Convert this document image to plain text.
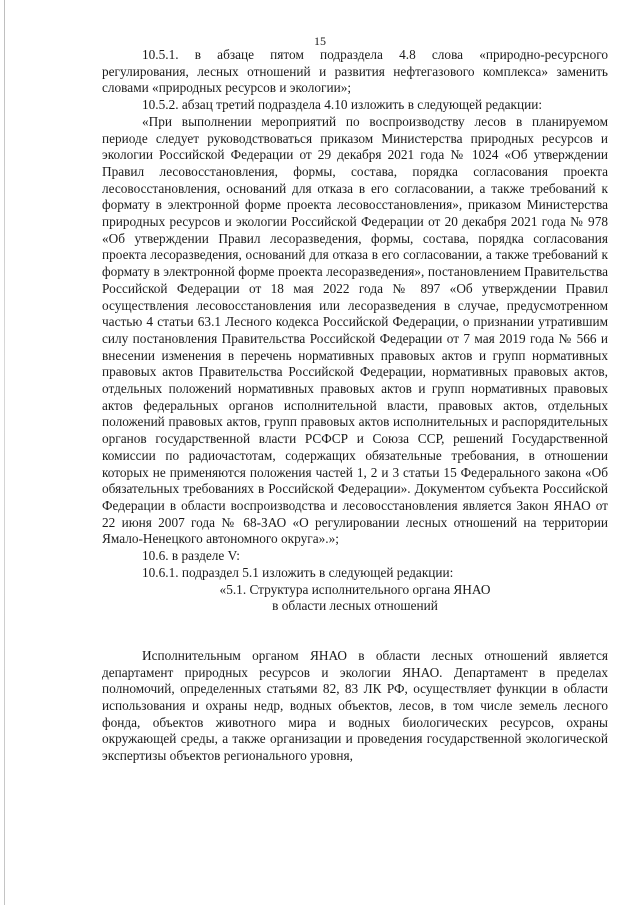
15

10.5.1. в абзаце пятом подраздела 4.8 слова «природно-ресурсного регулирования, лесных отношений и развития нефтегазового комплекса» заменить словами «природных ресурсов и экологии»;

10.5.2. абзац третий подраздела 4.10 изложить в следующей редакции:

«При выполнении мероприятий по воспроизводству лесов в планируемом периоде следует руководствоваться приказом Министерства природных ресурсов и экологии Российской Федерации от 29 декабря 2021 года № 1024 «Об утверждении Правил лесовосстановления, формы, состава, порядка согласования проекта лесовосстановления, оснований для отказа в его согласовании, а также требований к формату в электронной форме проекта лесовосстановления», приказом Министерства природных ресурсов и экологии Российской Федерации от 20 декабря 2021 года № 978 «Об утверждении Правил лесоразведения, формы, состава, порядка согласования проекта лесоразведения, оснований для отказа в его согласовании, а также требований к формату в электронной форме проекта лесоразведения», постановлением Правительства Российской Федерации от 18 мая 2022 года № 897 «Об утверждении Правил осуществления лесовосстановления или лесоразведения в случае, предусмотренном частью 4 статьи 63.1 Лесного кодекса Российской Федерации, о признании утратившим силу постановления Правительства Российской Федерации от 7 мая 2019 года № 566 и внесении изменения в перечень нормативных правовых актов и групп нормативных правовых актов Правительства Российской Федерации, нормативных правовых актов, отдельных положений нормативных правовых актов и групп нормативных правовых актов федеральных органов исполнительной власти, правовых актов, отдельных положений правовых актов, групп правовых актов исполнительных и распорядительных органов государственной власти РСФСР и Союза ССР, решений Государственной комиссии по радиочастотам, содержащих обязательные требования, в отношении которых не применяются положения частей 1, 2 и 3 статьи 15 Федерального закона «Об обязательных требованиях в Российской Федерации». Документом субъекта Российской Федерации в области воспроизводства и лесовосстановления является Закон ЯНАО от 22 июня 2007 года № 68-ЗАО «О регулировании лесных отношений на территории Ямало-Ненецкого автономного округа».»;

10.6. в разделе V:

10.6.1. подраздел 5.1 изложить в следующей редакции:

«5.1. Структура исполнительного органа ЯНАО
в области лесных отношений

Исполнительным органом ЯНАО в области лесных отношений является департамент природных ресурсов и экологии ЯНАО. Департамент в пределах полномочий, определенных статьями 82, 83 ЛК РФ, осуществляет функции в области использования и охраны недр, водных объектов, лесов, в том числе земель лесного фонда, объектов животного мира и водных биологических ресурсов, охраны окружающей среды, а также организации и проведения государственной экологической экспертизы объектов регионального уровня,
